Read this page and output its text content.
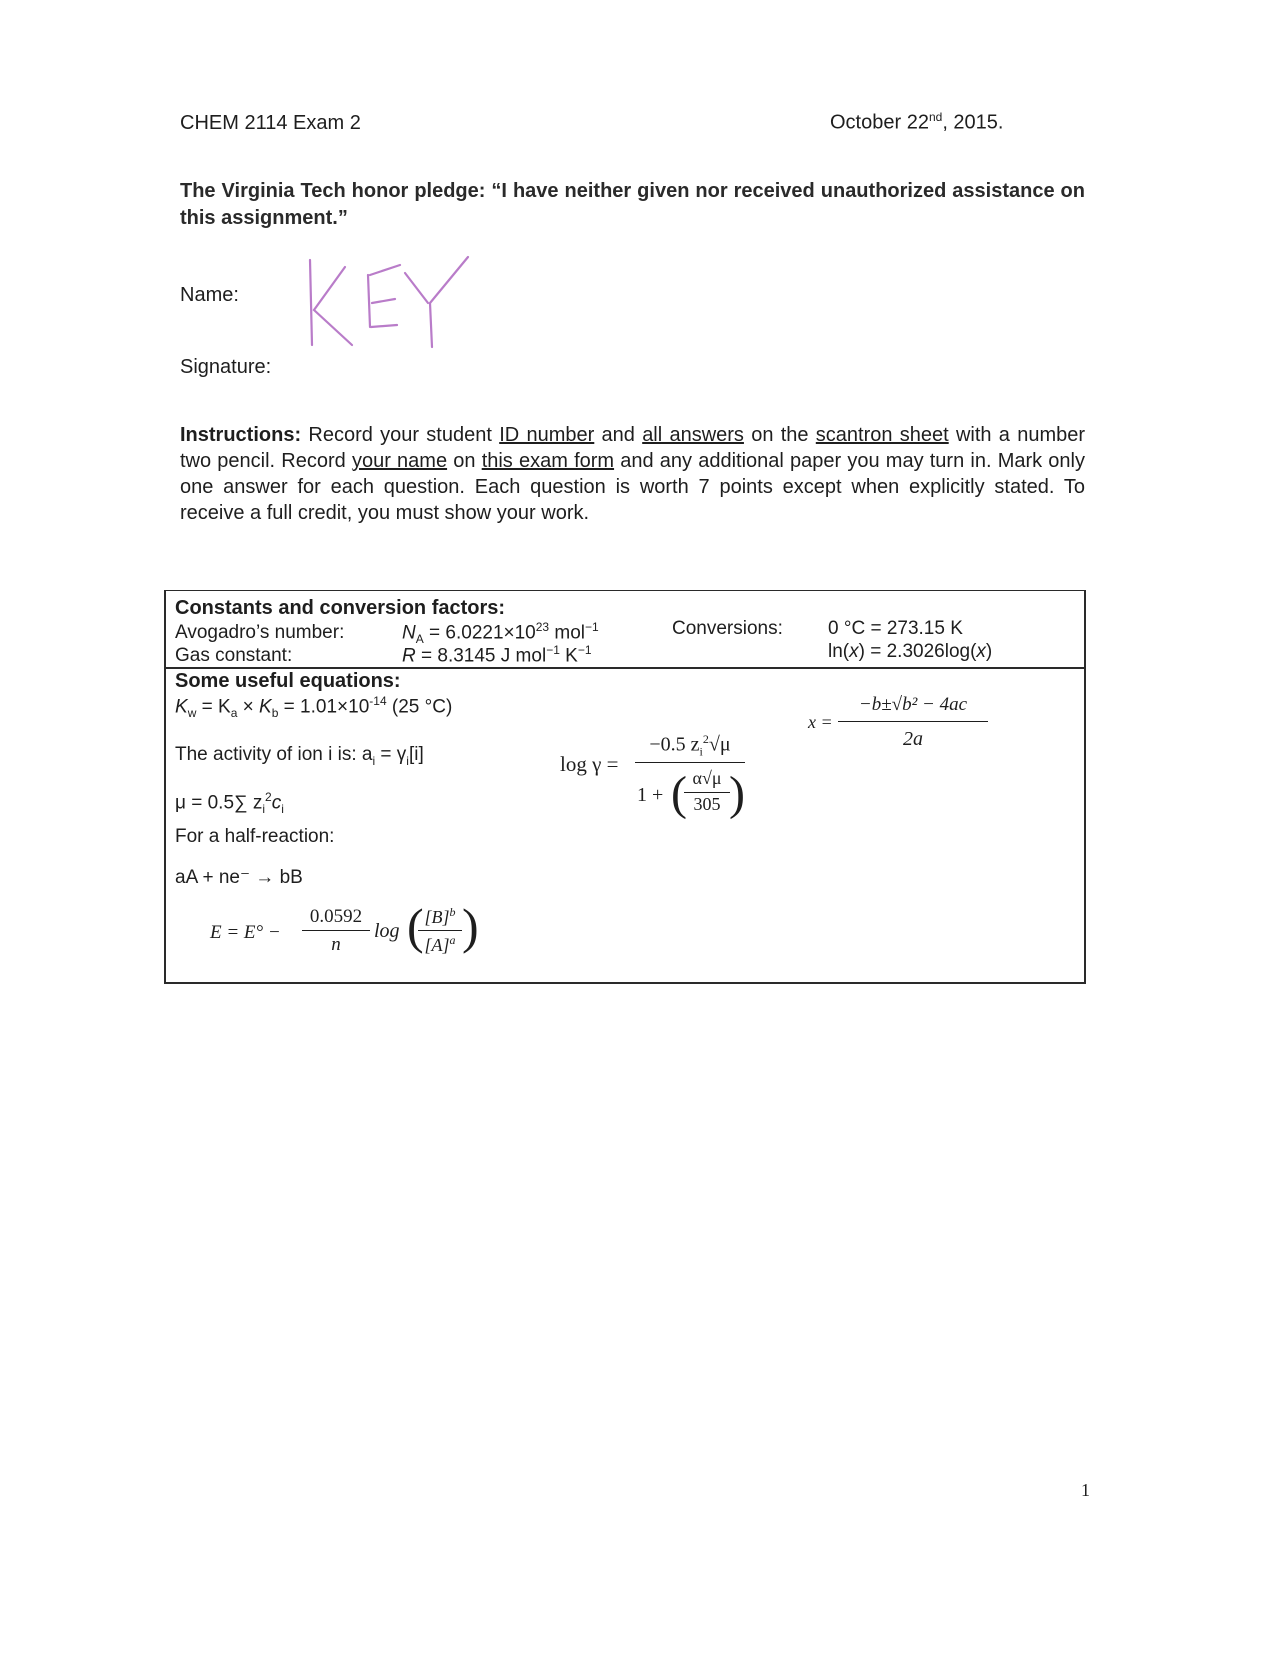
CHEM 2114 Exam 2	October 22nd, 2015.
The Virginia Tech honor pledge: “I have neither given nor received unauthorized assistance on this assignment.”
Name:
Signature:
Instructions: Record your student ID number and all answers on the scantron sheet with a number two pencil. Record your name on this exam form and any additional paper you may turn in. Mark only one answer for each question. Each question is worth 7 points except when explicitly stated. To receive a full credit, you must show your work.
Constants and conversion factors:
Avogadro’s number:	$N_A = 6.0221\times 10^{23}$ mol$^{-1}$
Gas constant:	R = 8.3145 J mol$^{-1}$ $K^{-1}$
Conversions: 0 °C = 273.15 K
ln(x) = 2.3026log(x)
Some useful equations:
$K_w = K_a \times K_b = 1.01\times 10^{-14}$ (25 °C)
The activity of ion i is: $a_i = \gamma_i[i]$
μ = 0.5∑ $z_i^2c_i$
For a half-reaction:
aA + ne⁻ → bB
E = E° −
0.0592
n
log ( $[B]^b$
$[A]^a$ )
log γ =
−0.5 $z_i^2√\mu$
1 + ( α√μ
305 )
x =
−b±√b² − 4ac
2a
1
